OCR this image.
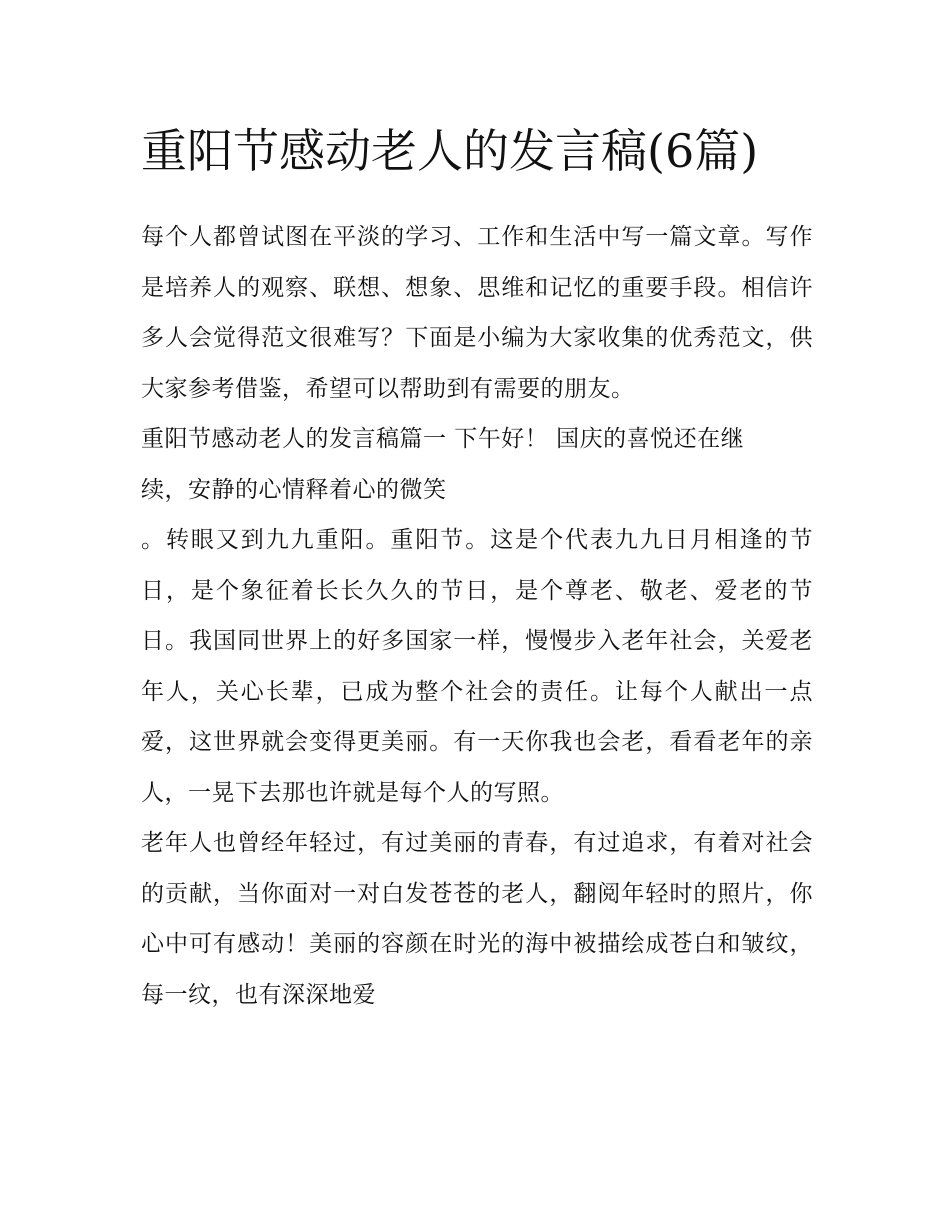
重阳节感动老人的发言稿(6篇)

每个人都曾试图在平淡的学习、工作和生活中写一篇文章。写作是培养人的观察、联想、想象、思维和记忆的重要手段。相信许多人会觉得范文很难写？下面是小编为大家收集的优秀范文，供大家参考借鉴，希望可以帮助到有需要的朋友。

重阳节感动老人的发言稿篇一 下午好！ 国庆的喜悦还在继续，安静的心情释着心的微笑

。转眼又到九九重阳。重阳节。这是个代表九九日月相逢的节日，是个象征着长长久久的节日，是个尊老、敬老、爱老的节日。我国同世界上的好多国家一样，慢慢步入老年社会，关爱老年人，关心长辈，已成为整个社会的责任。让每个人献出一点爱，这世界就会变得更美丽。有一天你我也会老，看看老年的亲人，一晃下去那也许就是每个人的写照。

老年人也曾经年轻过，有过美丽的青春，有过追求，有着对社会的贡献，当你面对一对白发苍苍的老人，翻阅年轻时的照片，你心中可有感动！美丽的容颜在时光的海中被描绘成苍白和皱纹，每一纹，也有深深地爱
